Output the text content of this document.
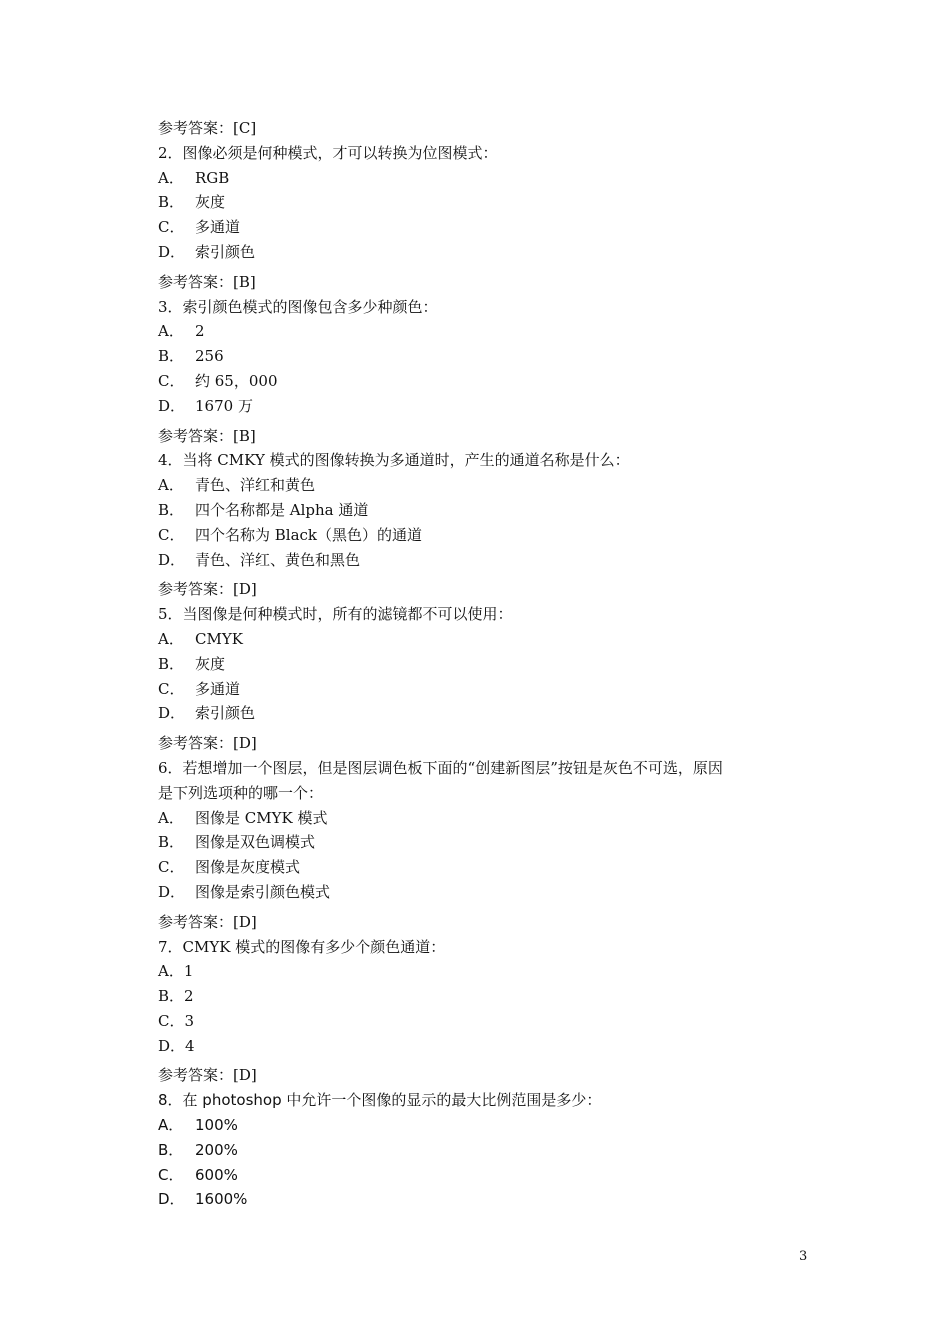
参考答案：[C]
2．图像必须是何种模式，才可以转换为位图模式：
A． RGB
B． 灰度
C． 多通道
D． 索引颜色
参考答案：[B]
3．索引颜色模式的图像包含多少种颜色：
A． 2
B． 256
C． 约 65，000
D． 1670 万
参考答案：[B]
4．当将 CMKY 模式的图像转换为多通道时，产生的通道名称是什么：
A． 青色、洋红和黄色
B． 四个名称都是 Alpha 通道
C． 四个名称为 Black（黑色）的通道
D． 青色、洋红、黄色和黑色
参考答案：[D]
5．当图像是何种模式时，所有的滤镜都不可以使用：
A． CMYK
B． 灰度
C． 多通道
D． 索引颜色
参考答案：[D]
6．若想增加一个图层，但是图层调色板下面的“创建新图层”按钮是灰色不可选，原因
是下列选项种的哪一个：
A． 图像是 CMYK 模式
B． 图像是双色调模式
C． 图像是灰度模式
D． 图像是索引颜色模式
参考答案：[D]
7．CMYK 模式的图像有多少个颜色通道：
A．1
B．2
C．3
D．4
参考答案：[D]
8．在 photoshop 中允许一个图像的显示的最大比例范围是多少：
A． 100%
B． 200%
C． 600%
D． 1600%
3
